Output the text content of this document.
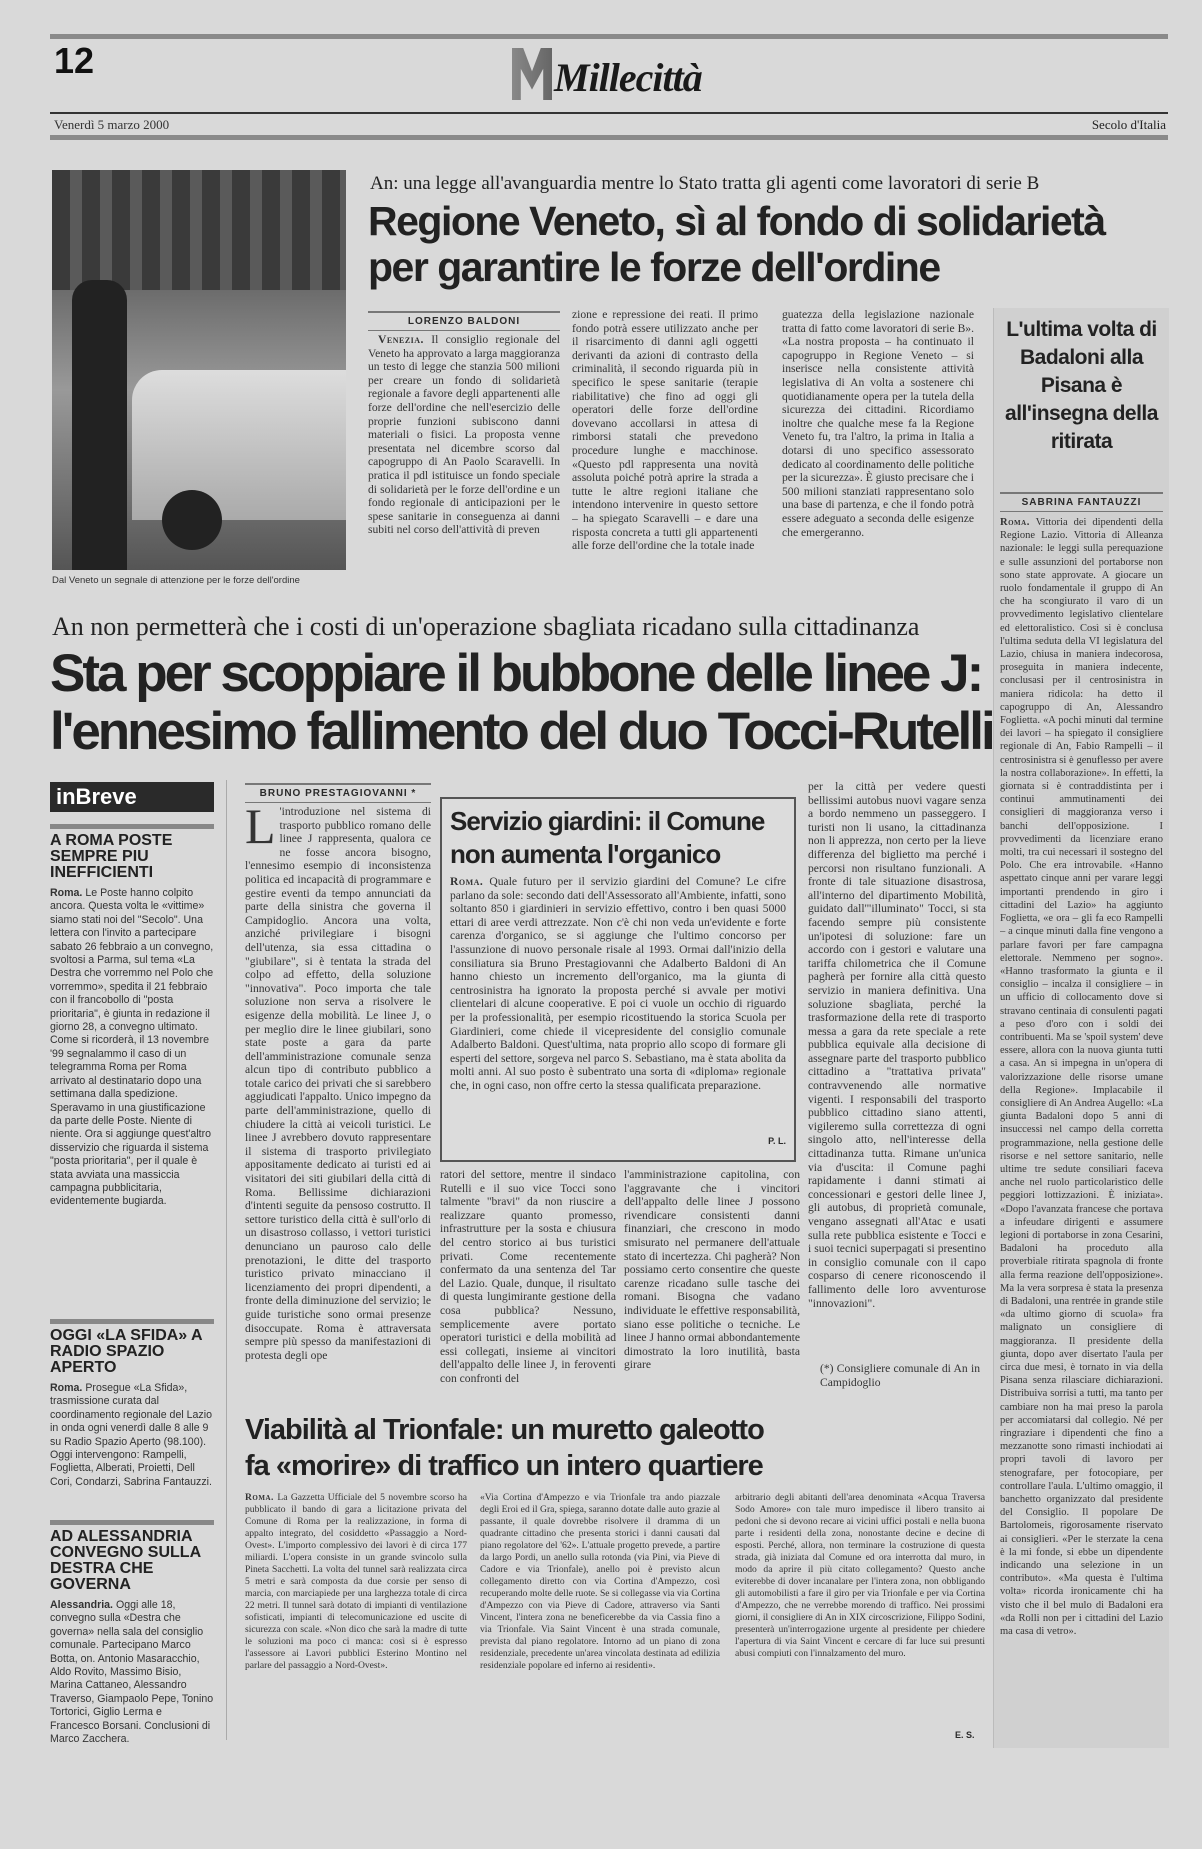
12	Millecittà
Venerdì 5 marzo 2000	Secolo d'Italia
Dal Veneto un segnale di attenzione per le forze dell'ordine
An: una legge all'avanguardia mentre lo Stato tratta gli agenti come lavoratori di serie B
Regione Veneto, sì al fondo di solidarietà
per garantire le forze dell'ordine
LORENZO BALDONI

Venezia. Il consiglio regionale del Veneto ha approvato a larga maggioranza un testo di legge che stanzia 500 milioni per creare un fondo di solidarietà regionale a favore degli appartenenti alle forze dell'ordine che nell'esercizio delle proprie funzioni subiscono danni materiali o fisici. La proposta venne presentata nel dicembre scorso dal capogruppo di An Paolo Scaravelli. In pratica il pdl istituisce un fondo speciale di solidarietà per le forze dell'ordine e un fondo regionale di anticipazioni per le spese sanitarie in conseguenza ai danni subiti nel corso dell'attività di preven

zione e repressione dei reati. Il primo fondo potrà essere utilizzato anche per il risarcimento di danni agli oggetti derivanti da azioni di contrasto della criminalità, il secondo riguarda più in specifico le spese sanitarie (terapie riabilitative) che fino ad oggi gli operatori delle forze dell'ordine dovevano accollarsi in attesa di rimborsi statali che prevedono procedure lunghe e macchinose. «Questo pdl rappresenta una novità assoluta poiché potrà aprire la strada a tutte le altre regioni italiane che intendono intervenire in questo settore – ha spiegato Scaravelli – e dare una risposta concreta a tutti gli appartenenti alle forze dell'ordine che la totale inade
guatezza della legislazione nazionale tratta di fatto come lavoratori di serie B». «La nostra proposta – ha continuato il capogruppo in Regione Veneto – si inserisce nella consistente attività legislativa di An volta a sostenere chi quotidianamente opera per la tutela della sicurezza dei cittadini. Ricordiamo inoltre che qualche mese fa la Regione Veneto fu, tra l'altro, la prima in Italia a dotarsi di uno specifico assessorato dedicato al coordinamento delle politiche per la sicurezza». È giusto precisare che i 500 milioni stanziati rappresentano solo una base di partenza, e che il fondo potrà essere adeguato a seconda delle esigenze che emergeranno.
L'ultima volta di Badaloni alla Pisana è all'insegna della ritirata
SABRINA FANTAUZZI
Roma. Vittoria dei dipendenti della Regione Lazio. Vittoria di Alleanza nazionale: le leggi sulla perequazione e sulle assunzioni del portaborse non sono state approvate. A giocare un ruolo fondamentale il gruppo di An che ha scongiurato il varo di un provvedimento legislativo clientelare ed elettoralistico. Così si è conclusa l'ultima seduta della VI legislatura del Lazio, chiusa in maniera indecorosa, proseguita in maniera indecente, conclusasi per il centrosinistra in maniera ridicola: ha detto il capogruppo di An, Alessandro Foglietta. «A pochi minuti dal termine dei lavori – ha spiegato il consigliere regionale di An, Fabio Rampelli – il centrosinistra si è genuflesso per avere la nostra collaborazione». In effetti, la giornata si è contraddistinta per i continui ammutinamenti dei consiglieri di maggioranza verso i banchi dell'opposizione. I provvedimenti da licenziare erano molti, tra cui necessari il sostegno del Polo. Che era introvabile. «Hanno aspettato cinque anni per varare leggi importanti prendendo in giro i cittadini del Lazio» ha aggiunto Foglietta, «e ora – gli fa eco Rampelli – a cinque minuti dalla fine vengono a parlare favori per fare campagna elettorale. Nemmeno per sogno». «Hanno trasformato la giunta e il consiglio – incalza il consigliere – in un ufficio di collocamento dove si stravano centinaia di consulenti pagati a peso d'oro con i soldi dei contribuenti. Ma se 'spoil system' deve essere, allora con la nuova giunta tutti a casa. An si impegna in un'opera di valorizzazione delle risorse umane della Regione». Implacabile il consigliere di An Andrea Augello: «La giunta Badaloni dopo 5 anni di insuccessi nel campo della corretta programmazione, nella gestione delle risorse e nel settore sanitario, nelle ultime tre sedute consiliari faceva anche nel ruolo particolaristico delle peggiori lottizzazioni. È iniziata». «Dopo l'avanzata francese che portava a infeudare dirigenti e assumere legioni di portaborse in zona Cesarini, Badaloni ha proceduto alla proverbiale ritirata spagnola di fronte alla ferma reazione dell'opposizione». Ma la vera sorpresa è stata la presenza di Badaloni, una rentrée in grande stile «da ultimo giorno di scuola» fra malignato un consigliere di maggioranza. Il presidente della giunta, dopo aver disertato l'aula per circa due mesi, è tornato in via della Pisana senza rilasciare dichiarazioni. Distribuiva sorrisi a tutti, ma tanto per cambiare non ha mai preso la parola per accomiatarsi dal collegio. Né per ringraziare i dipendenti che fino a mezzanotte sono rimasti inchiodati ai propri tavoli di lavoro per stenografare, per fotocopiare, per controllare l'aula. L'ultimo omaggio, il banchetto organizzato dal presidente del Consiglio. Il popolare De Bartolomeis, rigorosamente riservato ai consiglieri. «Per le sterzate la cena è la mi fonde, si ebbe un dipendente indicando una selezione in un contributo». «Ma questa è l'ultima volta» ricorda ironicamente chi ha visto che il bel mulo di Badaloni era «da Rolli non per i cittadini del Lazio ma casa di vetro».
An non permetterà che i costi di un'operazione sbagliata ricadano sulla cittadinanza
Sta per scoppiare il bubbone delle linee J:
l'ennesimo fallimento del duo Tocci-Rutelli
inBreve
A ROMA POSTE SEMPRE PIU INEFFICIENTI
Roma. Le Poste hanno colpito ancora. Questa volta le «vittime» siamo stati noi del "Secolo". Una lettera con l'invito a partecipare sabato 26 febbraio a un convegno, svoltosi a Parma, sul tema «La Destra che vorremmo nel Polo che vorremmo», spedita il 21 febbraio con il francobollo di "posta prioritaria", è giunta in redazione il giorno 28, a convegno ultimato. Come si ricorderà, il 13 novembre '99 segnalammo il caso di un telegramma Roma per Roma arrivato al destinatario dopo una settimana dalla spedizione. Speravamo in una giustificazione da parte delle Poste. Niente di niente. Ora si aggiunge quest'altro disservizio che riguarda il sistema "posta prioritaria", per il quale è stata avviata una massiccia campagna pubblicitaria, evidentemente bugiarda.
OGGI «LA SFIDA» A RADIO SPAZIO APERTO
Roma. Prosegue «La Sfida», trasmissione curata dal coordinamento regionale del Lazio in onda ogni venerdì dalle 8 alle 9 su Radio Spazio Aperto (98.100). Oggi intervengono: Rampelli, Foglietta, Alberati, Proietti, Dell Cori, Condarzi, Sabrina Fantauzzi.
AD ALESSANDRIA CONVEGNO SULLA DESTRA CHE GOVERNA
Alessandria. Oggi alle 18, convegno sulla «Destra che governa» nella sala del consiglio comunale. Partecipano Marco Botta, on. Antonio Masaracchio, Aldo Rovito, Massimo Bisio, Marina Cattaneo, Alessandro Traverso, Giampaolo Pepe, Tonino Tortorici, Giglio Lerma e Francesco Borsani. Conclusioni di Marco Zacchera.
BRUNO PRESTAGIOVANNI *
L 'introduzione nel sistema di trasporto pubblico romano delle linee J rappresenta, qualora ce ne fosse ancora bisogno, l'ennesimo esempio di inconsistenza politica ed incapacità di programmare e gestire eventi da tempo annunciati da parte della sinistra che governa il Campidoglio. Ancora una volta, anziché privilegiare i bisogni dell'utenza, sia essa cittadina o "giubilare", si è tentata la strada del colpo ad effetto, della soluzione "innovativa". Poco importa che tale soluzione non serva a risolvere le esigenze della mobilità. Le linee J, o per meglio dire le linee giubilari, sono state poste a gara da parte dell'amministrazione comunale senza alcun tipo di contributo pubblico a totale carico dei privati che si sarebbero aggiudicati l'appalto. Unico impegno da parte dell'amministrazione, quello di chiudere la città ai veicoli turistici. Le linee J avrebbero dovuto rappresentare il sistema di trasporto privilegiato appositamente dedicato ai turisti ed ai visitatori dei siti giubilari della città di Roma. Bellissime dichiarazioni d'intenti seguite da pensoso costrutto. Il settore turistico della città è sull'orlo di un disastroso collasso, i vettori turistici denunciano un pauroso calo delle prenotazioni, le ditte del trasporto turistico privato minacciano il licenziamento dei propri dipendenti, a fronte della diminuzione del servizio; le guide turistiche sono ormai presenze disoccupate. Roma è attraversata sempre più spesso da manifestazioni di protesta degli ope
ratori del settore, mentre il sindaco Rutelli e il suo vice Tocci sono talmente "bravi" da non riuscire a realizzare quanto promesso, infrastrutture per la sosta e chiusura del centro storico ai bus turistici privati. Come recentemente confermato da una sentenza del Tar del Lazio. Quale, dunque, il risultato di questa lungimirante gestione della cosa pubblica? Nessuno, semplicemente avere portato operatori turistici e della mobilità ad essi collegati, insieme ai vincitori dell'appalto delle linee J, in feroventi con confronti del
l'amministrazione capitolina, con l'aggravante che i vincitori dell'appalto delle linee J possono rivendicare consistenti danni finanziari, che crescono in modo smisurato nel permanere dell'attuale stato di incertezza. Chi pagherà? Non possiamo certo consentire che queste carenze ricadano sulle tasche dei romani. Bisogna che vadano individuate le effettive responsabilità, siano esse politiche o tecniche. Le linee J hanno ormai abbondantemente dimostrato la loro inutilità, basta girare
per la città per vedere questi bellissimi autobus nuovi vagare senza a bordo nemmeno un passeggero. I turisti non li usano, la cittadinanza non li apprezza, non certo per la lieve differenza del biglietto ma perché i percorsi non risultano funzionali. A fronte di tale situazione disastrosa, all'interno del dipartimento Mobilità, guidato dall'"illuminato" Tocci, si sta facendo sempre più consistente un'ipotesi di soluzione: fare un accordo con i gestori e valutare una tariffa chilometrica che il Comune pagherà per fornire alla città questo servizio in maniera definitiva. Una soluzione sbagliata, perché la trasformazione della rete di trasporto messa a gara da rete speciale a rete pubblica equivale alla decisione di assegnare parte del trasporto pubblico cittadino a "trattativa privata" contravvenendo alle normative vigenti. I responsabili del trasporto pubblico cittadino siano attenti, vigileremo sulla correttezza di ogni singolo atto, nell'interesse della cittadinanza tutta. Rimane un'unica via d'uscita: il Comune paghi rapidamente i danni stimati ai concessionari e gestori delle linee J, gli autobus, di proprietà comunale, vengano assegnati all'Atac e usati sulla rete pubblica esistente e Tocci e i suoi tecnici superpagati si presentino in consiglio comunale con il capo cosparso di cenere riconoscendo il fallimento delle loro avventurose "innovazioni".
(*) Consigliere comunale di An in Campidoglio
Servizio giardini: il Comune non aumenta l'organico
Roma. Quale futuro per il servizio giardini del Comune? Le cifre parlano da sole: secondo dati dell'Assessorato all'Ambiente, infatti, sono soltanto 850 i giardinieri in servizio effettivo, contro i ben quasi 5000 ettari di aree verdi attrezzate. Non c'è chi non veda un'evidente e forte carenza d'organico, se si aggiunge che l'ultimo concorso per l'assunzione di nuovo personale risale al 1993. Ormai dall'inizio della consiliatura sia Bruno Prestagiovanni che Adalberto Baldoni di An hanno chiesto un incremento dell'organico, ma la giunta di centrosinistra ha ignorato la proposta perché si avvale per motivi clientelari di alcune cooperative. E poi ci vuole un occhio di riguardo per la professionalità, per esempio ricostituendo la storica Scuola per Giardinieri, come chiede il vicepresidente del consiglio comunale Adalberto Baldoni. Quest'ultima, nata proprio allo scopo di formare gli esperti del settore, sorgeva nel parco S. Sebastiano, ma è stata abolita da molti anni. Al suo posto è subentrato una sorta di «diploma» regionale che, in ogni caso, non offre certo la stessa qualificata preparazione.
P. L.
Viabilità al Trionfale: un muretto galeotto
fa «morire» di traffico un intero quartiere
Roma. La Gazzetta Ufficiale del 5 novembre scorso ha pubblicato il bando di gara a licitazione privata del Comune di Roma per la realizzazione, in forma di appalto integrato, del cosiddetto «Passaggio a Nord-Ovest». L'importo complessivo dei lavori è di circa 177 miliardi. L'opera consiste in un grande svincolo sulla Pineta Sacchetti. La volta del tunnel sarà realizzata circa 5 metri e sarà composta da due corsie per senso di marcia, con marciapiede per una larghezza totale di circa 22 metri. Il tunnel sarà dotato di impianti di ventilazione sofisticati, impianti di telecomunicazione ed uscite di sicurezza con scale. «Non dico che sarà la madre di tutte le soluzioni ma poco ci manca: così si è espresso l'assessore ai Lavori pubblici Esterino Montino nel parlare del passaggio a Nord-Ovest».
«Via Cortina d'Ampezzo e via Trionfale tra ando piazzale degli Eroi ed il Gra, spiega, saranno dotate dalle auto grazie al passante, il quale dovrebbe risolvere il dramma di un quadrante cittadino che presenta storici i danni causati dal piano regolatore del '62». L'attuale progetto prevede, a partire da largo Pordi, un anello sulla rotonda (via Pini, via Pieve di Cadore e via Trionfale), anello poi è previsto alcun collegamento diretto con via Cortina d'Ampezzo, così recuperando molte delle ruote. Se si collegasse via via Cortina d'Ampezzo con via Pieve di Cadore, attraverso via Santi Vincent, l'intera zona ne beneficerebbe da via Cassia fino a via Trionfale. Via Saint Vincent è una strada comunale, prevista dal piano regolatore. Intorno ad un piano di zona residenziale, precedente un'area vincolata destinata ad edilizia residenziale popolare ed inferno ai residenti».
arbitrario degli abitanti dell'area denominata «Acqua Traversa Sodo Amore» con tale muro impedisce il libero transito ai pedoni che si devono recare ai vicini uffici postali e nella buona parte i residenti della zona, nonostante decine e decine di esposti. Perché, allora, non terminare la costruzione di questa strada, già iniziata dal Comune ed ora interrotta dal muro, in modo da aprire il più citato collegamento? Questo anche eviterebbe di dover incanalare per l'intera zona, non obbligando gli automobilisti a fare il giro per via Trionfale e per via Cortina d'Ampezzo, che ne verrebbe morendo di traffico. Nei prossimi giorni, il consigliere di An in XIX circoscrizione, Filippo Sodini, presenterà un'interrogazione urgente al presidente per chiedere l'apertura di via Saint Vincent e cercare di far luce sui presunti abusi compiuti con l'innalzamento del muro.
E. S.
